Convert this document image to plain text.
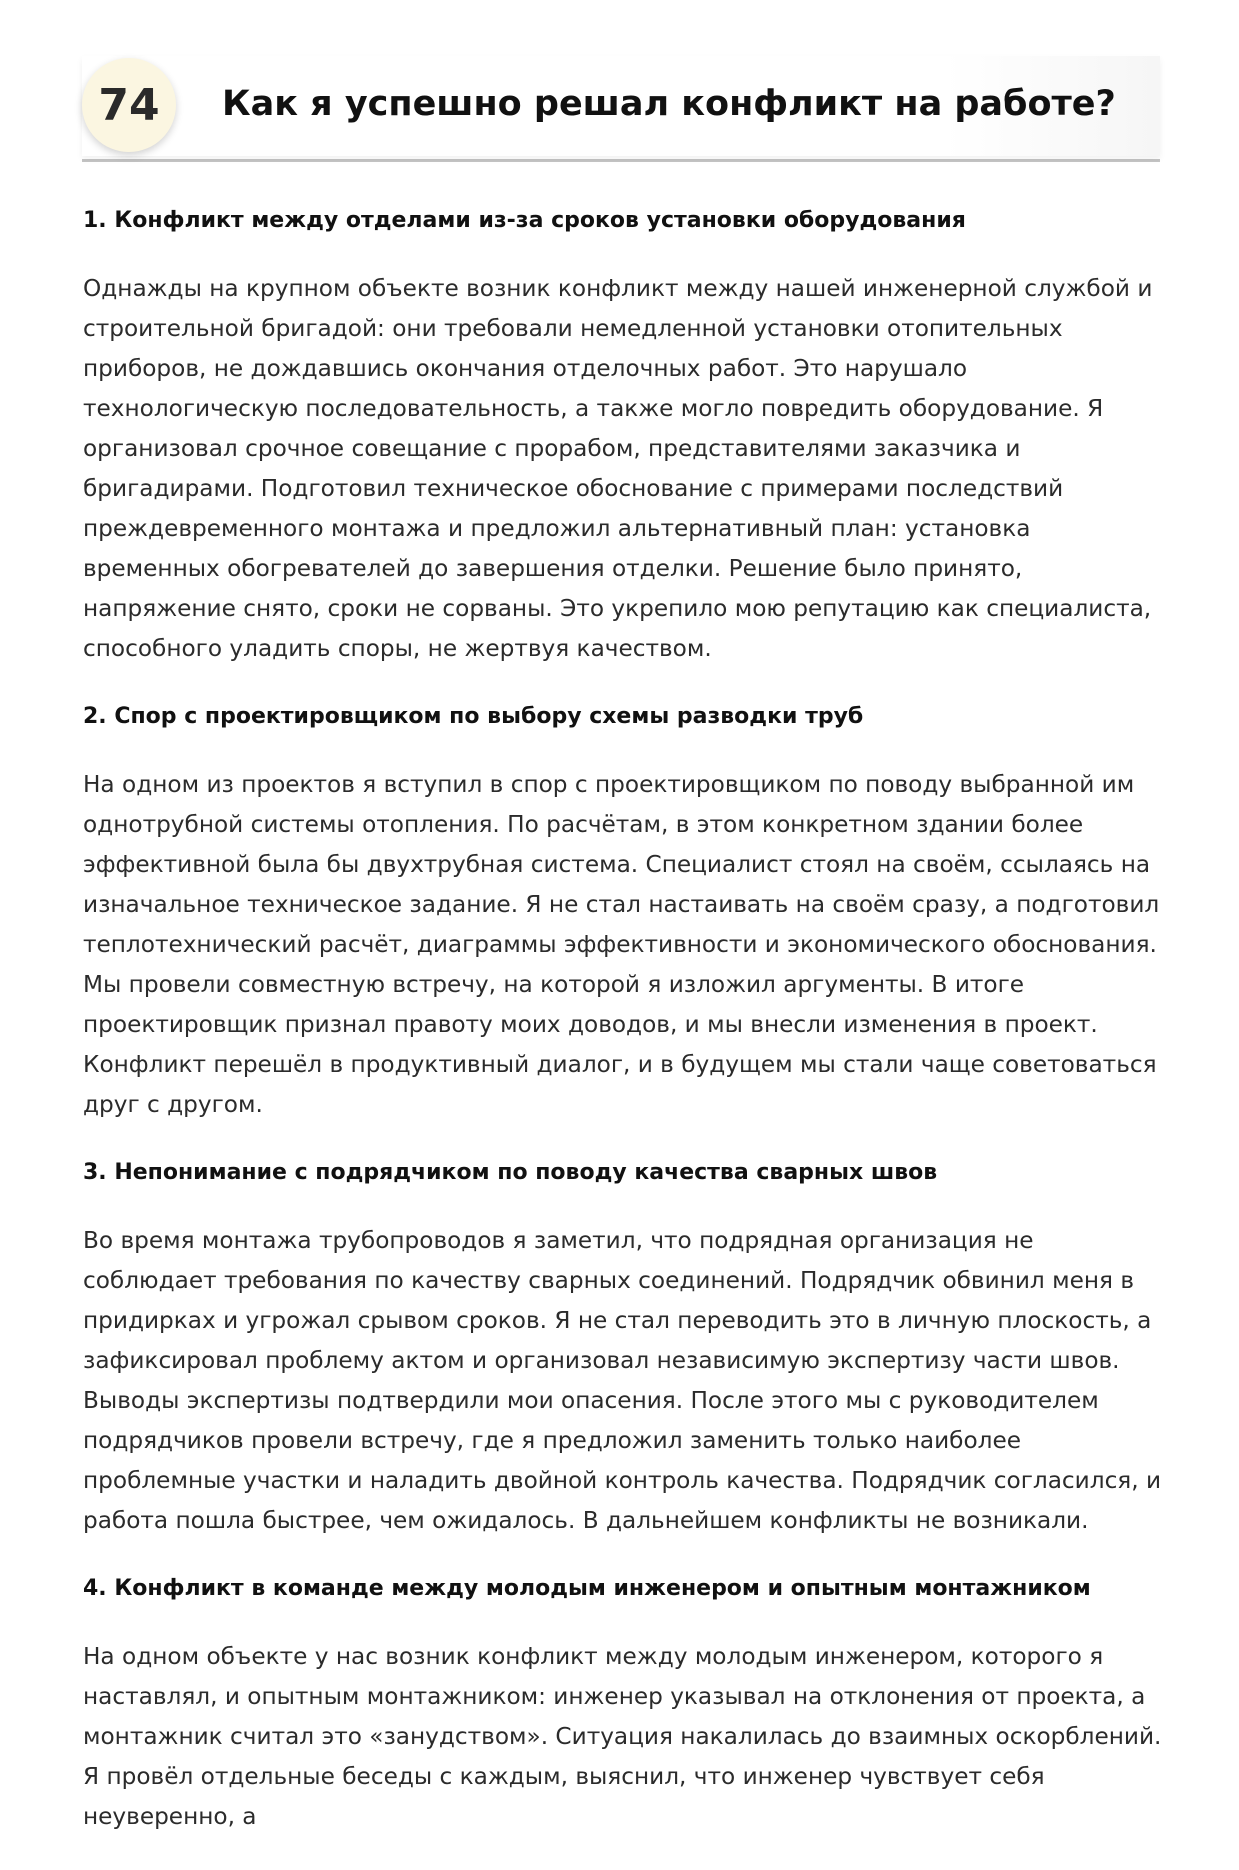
74	Как я успешно решал конфликт на работе?
1. Конфликт между отделами из-за сроков установки оборудования

Однажды на крупном объекте возник конфликт между нашей инженерной службой и строительной бригадой: они требовали немедленной установки отопительных приборов, не дождавшись окончания отделочных работ. Это нарушало технологическую последовательность, а также могло повредить оборудование. Я организовал срочное совещание с прорабом, представителями заказчика и бригадирами. Подготовил техническое обоснование с примерами последствий преждевременного монтажа и предложил альтернативный план: установка временных обогревателей до завершения отделки. Решение было принято, напряжение снято, сроки не сорваны. Это укрепило мою репутацию как специалиста, способного уладить споры, не жертвуя качеством.

2. Спор с проектировщиком по выбору схемы разводки труб

На одном из проектов я вступил в спор с проектировщиком по поводу выбранной им однотрубной системы отопления. По расчётам, в этом конкретном здании более эффективной была бы двухтрубная система. Специалист стоял на своём, ссылаясь на изначальное техническое задание. Я не стал настаивать на своём сразу, а подготовил теплотехнический расчёт, диаграммы эффективности и экономического обоснования. Мы провели совместную встречу, на которой я изложил аргументы. В итоге проектировщик признал правоту моих доводов, и мы внесли изменения в проект. Конфликт перешёл в продуктивный диалог, и в будущем мы стали чаще советоваться друг с другом.

3. Непонимание с подрядчиком по поводу качества сварных швов

Во время монтажа трубопроводов я заметил, что подрядная организация не соблюдает требования по качеству сварных соединений. Подрядчик обвинил меня в придирках и угрожал срывом сроков. Я не стал переводить это в личную плоскость, а зафиксировал проблему актом и организовал независимую экспертизу части швов. Выводы экспертизы подтвердили мои опасения. После этого мы с руководителем подрядчиков провели встречу, где я предложил заменить только наиболее проблемные участки и наладить двойной контроль качества. Подрядчик согласился, и работа пошла быстрее, чем ожидалось. В дальнейшем конфликты не возникали.

4. Конфликт в команде между молодым инженером и опытным монтажником

На одном объекте у нас возник конфликт между молодым инженером, которого я наставлял, и опытным монтажником: инженер указывал на отклонения от проекта, а монтажник считал это «занудством». Ситуация накалилась до взаимных оскорблений. Я провёл отдельные беседы с каждым, выяснил, что инженер чувствует себя неуверенно, а
